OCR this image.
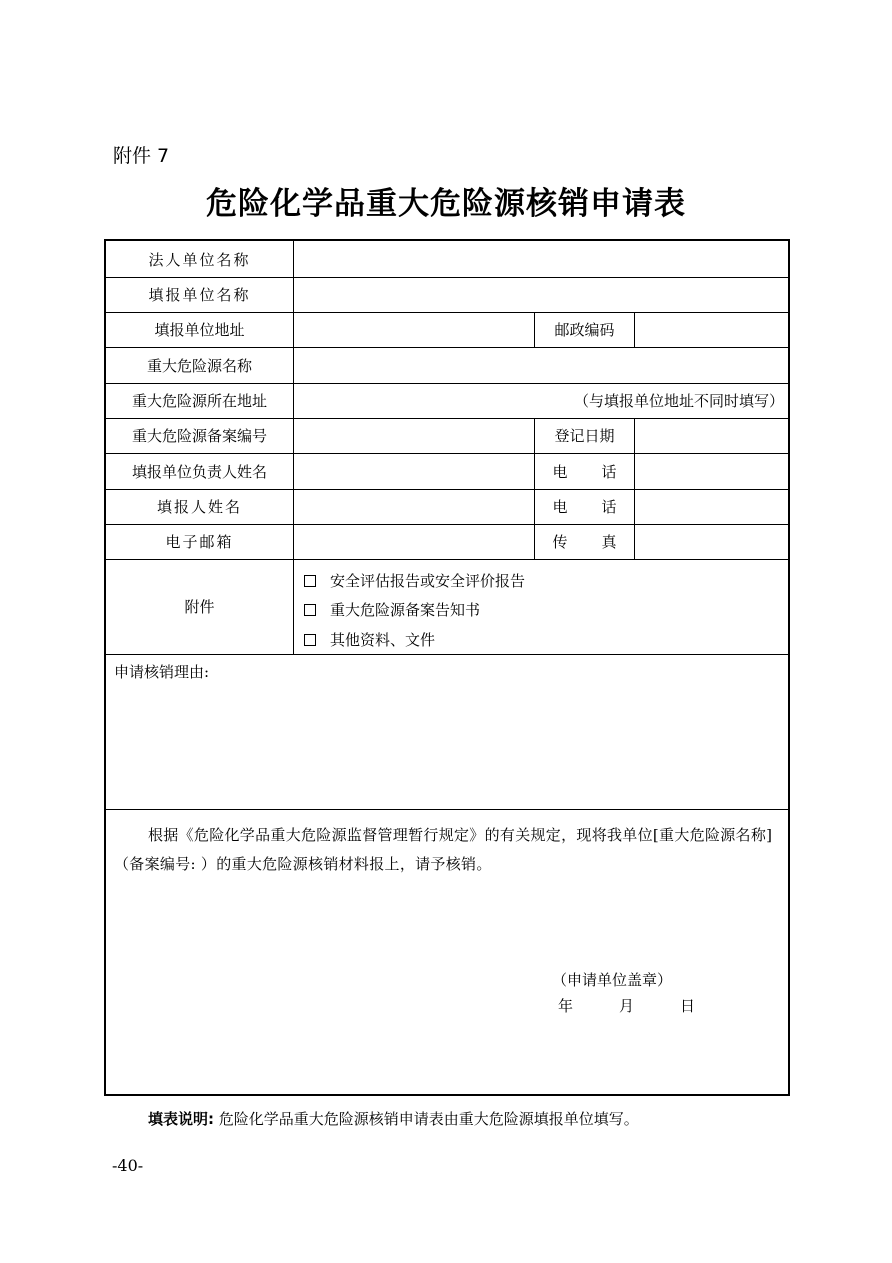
附件 7
危险化学品重大危险源核销申请表
法人单位名称
填报单位名称
填报单位地址	邮政编码
重大危险源名称
重大危险源所在地址	（与填报单位地址不同时填写）
重大危险源备案编号	登记日期
填报单位负责人姓名	电 话
填报人姓名	电 话
电子邮箱	传 真
附件
安全评估报告或安全评价报告
重大危险源备案告知书
其他资料、文件
申请核销理由:
根据《危险化学品重大危险源监督管理暂行规定》的有关规定，现将我单位[重大危险源名称]（备案编号: ）的重大危险源核销材料报上，请予核销。
（申请单位盖章）
年	月	日
填表说明: 危险化学品重大危险源核销申请表由重大危险源填报单位填写。
-40-
